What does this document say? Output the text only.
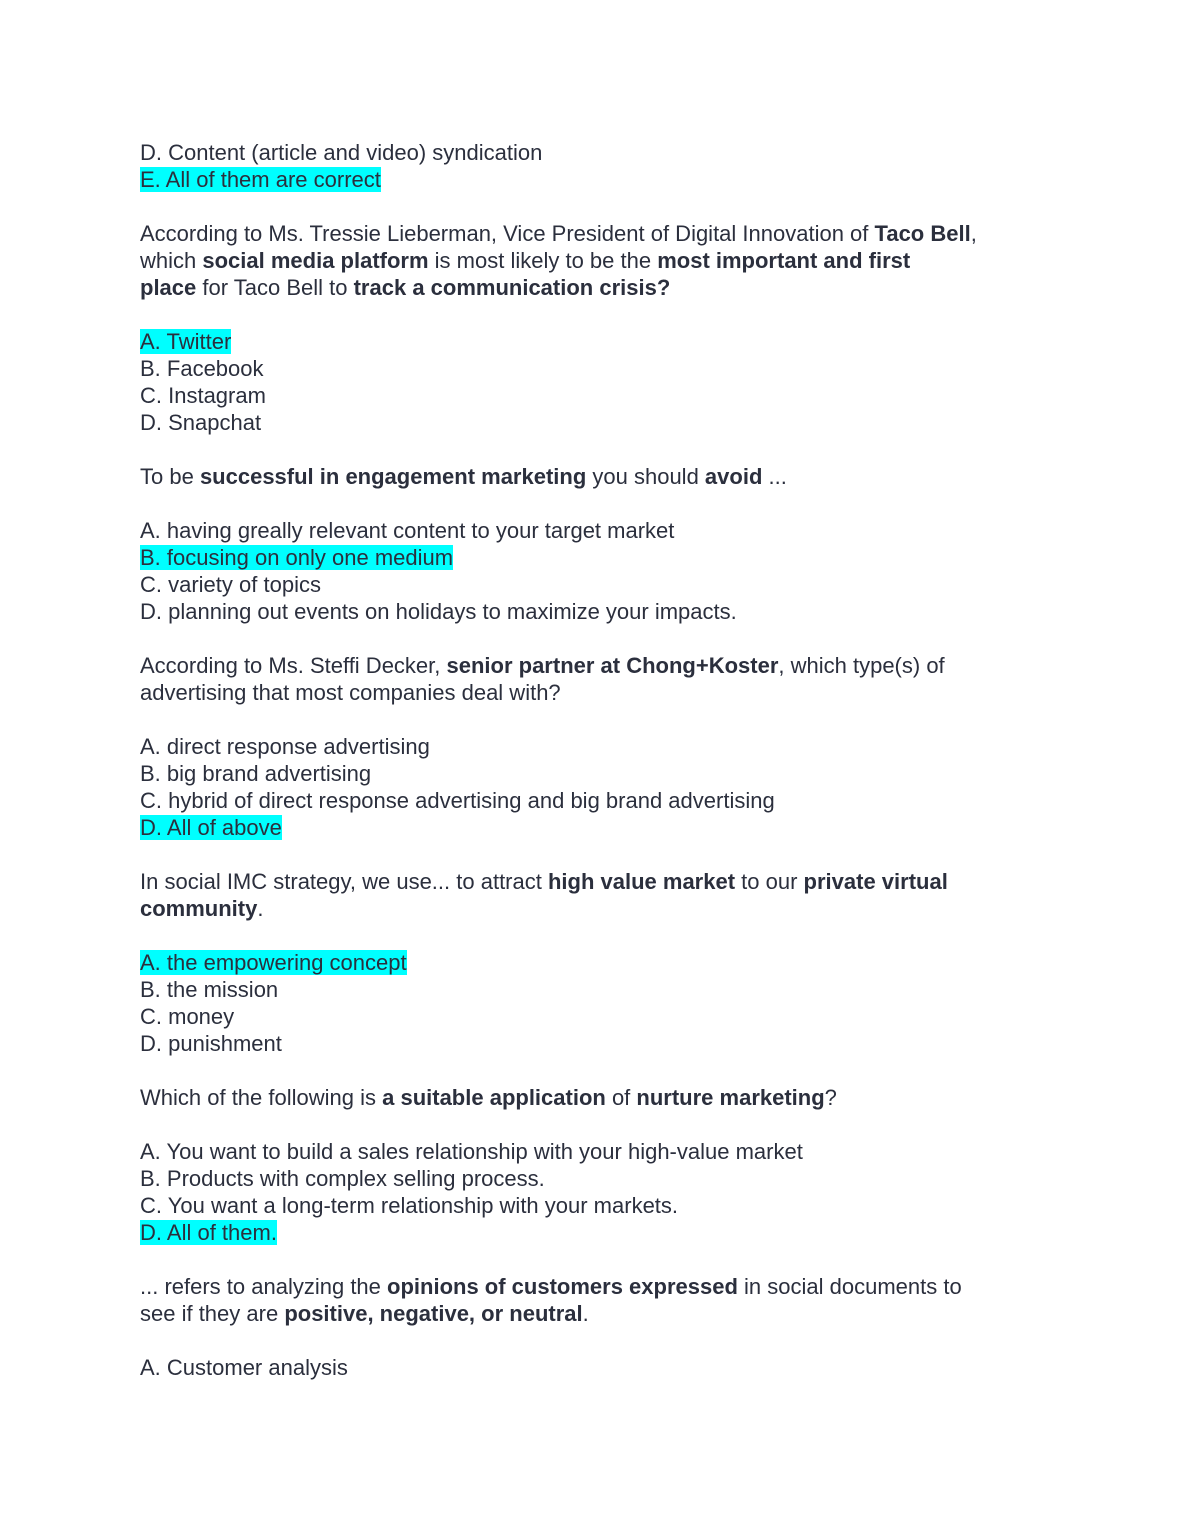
D. Content (article and video) syndication
E. All of them are correct
According to Ms. Tressie Lieberman, Vice President of Digital Innovation of Taco Bell,
which social media platform is most likely to be the most important and first
place for Taco Bell to track a communication crisis?
A. Twitter
B. Facebook
C. Instagram
D. Snapchat
To be successful in engagement marketing you should avoid ...
A. having greally relevant content to your target market
B. focusing on only one medium
C. variety of topics
D. planning out events on holidays to maximize your impacts.
According to Ms. Steffi Decker, senior partner at Chong+Koster, which type(s) of
advertising that most companies deal with?
A. direct response advertising
B. big brand advertising
C. hybrid of direct response advertising and big brand advertising
D. All of above
In social IMC strategy, we use... to attract high value market to our private virtual
community.
A. the empowering concept
B. the mission
C. money
D. punishment
Which of the following is a suitable application of nurture marketing?
A. You want to build a sales relationship with your high-value market
B. Products with complex selling process.
C. You want a long-term relationship with your markets.
D. All of them.
... refers to analyzing the opinions of customers expressed in social documents to
see if they are positive, negative, or neutral.
A. Customer analysis
